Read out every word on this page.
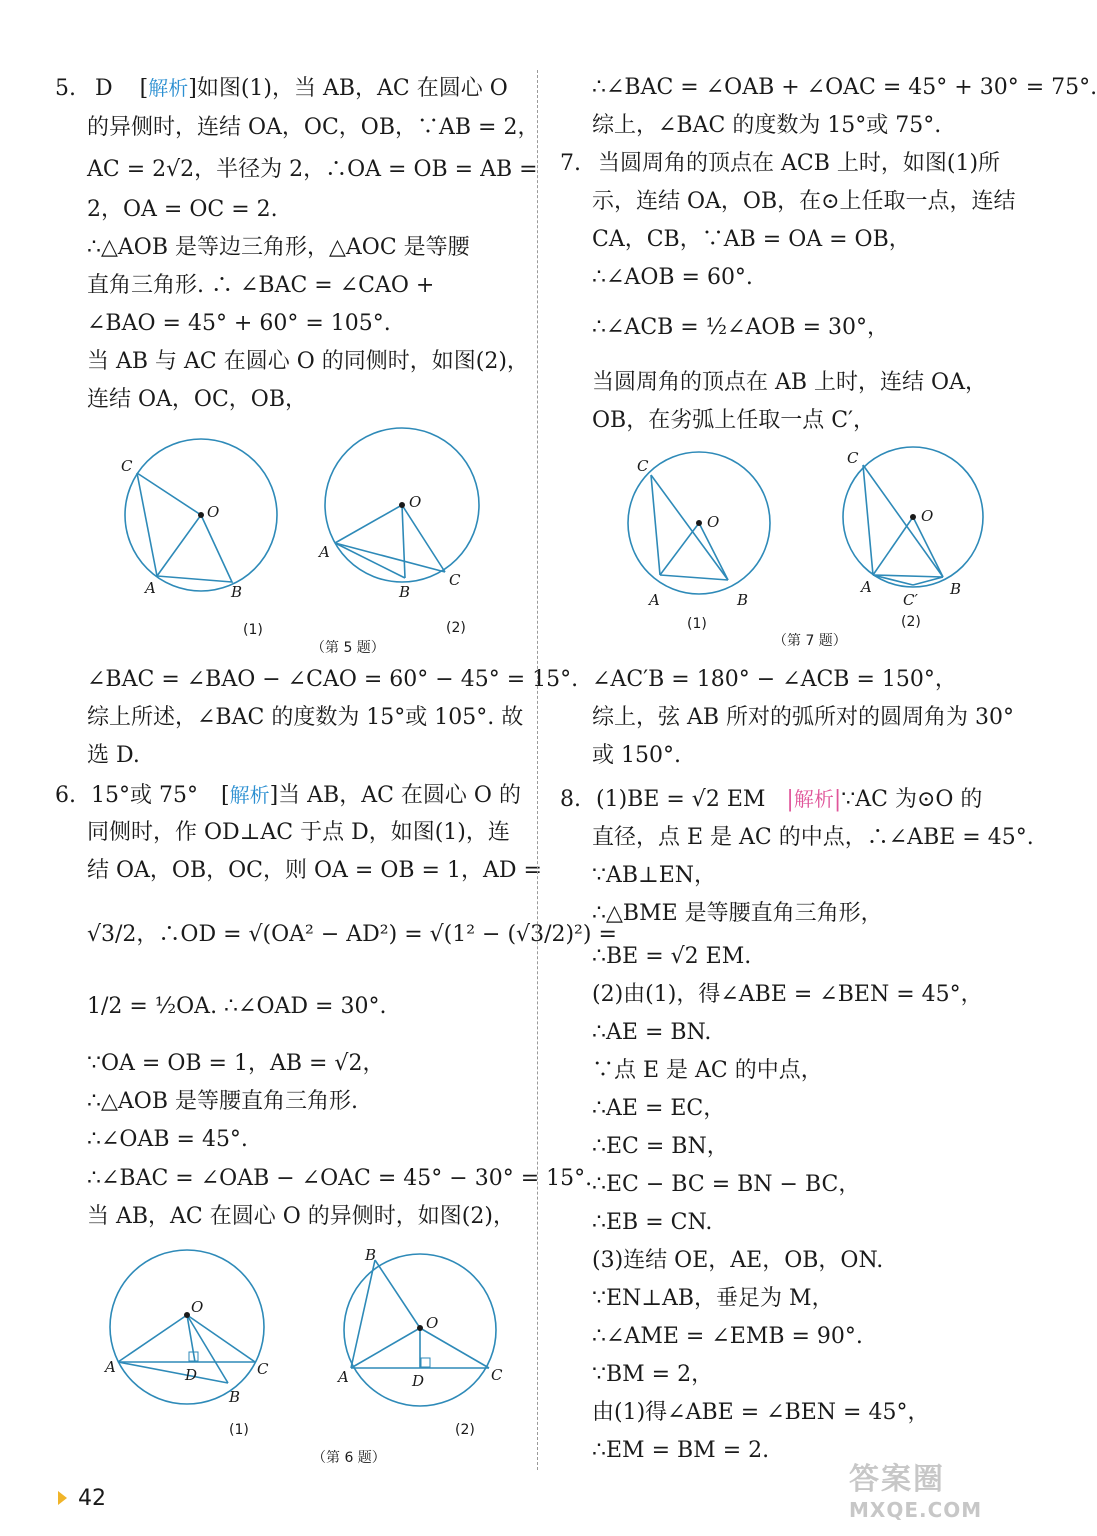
5. D [解析]如图(1)，当 AB，AC 在圆心 O
的异侧时，连结 OA，OC，OB，∵AB = 2，
AC = 2√2，半径为 2，∴OA = OB = AB =
2，OA = OC = 2.
∴△AOB 是等边三角形，△AOC 是等腰
直角三角形. ∴ ∠BAC = ∠CAO +
∠BAO = 45° + 60° = 105°.
当 AB 与 AC 在圆心 O 的同侧时，如图(2)，
连结 OA，OC，OB，
C
O
A	B
O
A
B
C
(1)	(2)
（第 5 题）
∠BAC = ∠BAO − ∠CAO = 60° − 45° = 15°.
综上所述，∠BAC 的度数为 15°或 105°. 故
选 D.
6. 15°或 75° [解析]当 AB，AC 在圆心 O 的
同侧时，作 OD⊥AC 于点 D，如图(1)，连
结 OA，OB，OC，则 OA = OB = 1，AD =
√3/2，∴OD = √(OA² − AD²) = √(1² − (√3/2)²) =
1/2 = ½OA. ∴∠OAD = 30°.
∵OA = OB = 1，AB = √2，
∴△AOB 是等腰直角三角形.
∴∠OAB = 45°.
∴∠BAC = ∠OAB − ∠OAC = 45° − 30° = 15°.
当 AB，AC 在圆心 O 的异侧时，如图(2)，
O
A	D	C
B
B
O
A	D	C
(1)	(2)
（第 6 题）
∴∠BAC = ∠OAB + ∠OAC = 45° + 30° = 75°.
综上，∠BAC 的度数为 15°或 75°.
7. 当圆周角的顶点在 ACB 上时，如图(1)所
示，连结 OA，OB，在⊙上任取一点，连结
CA，CB，∵AB = OA = OB，
∴∠AOB = 60°.
∴∠ACB = ½∠AOB = 30°，
当圆周角的顶点在 AB 上时，连结 OA，
OB，在劣弧上任取一点 C′，
C
O
A	B
C
O
A
C′
B
(1)	(2)
（第 7 题）
∠AC′B = 180° − ∠ACB = 150°，
综上，弦 AB 所对的弧所对的圆周角为 30°
或 150°.
8. (1)BE = √2 EM |解析|∵AC 为⊙O 的
直径，点 E 是 AC 的中点，∴∠ABE = 45°.
∵AB⊥EN，
∴△BME 是等腰直角三角形，
∴BE = √2 EM.
(2)由(1)，得∠ABE = ∠BEN = 45°，
∴AE = BN.
∵点 E 是 AC 的中点，
∴AE = EC，
∴EC = BN，
∴EC − BC = BN − BC，
∴EB = CN.
(3)连结 OE，AE，OB，ON.
∵EN⊥AB，垂足为 M，
∴∠AME = ∠EMB = 90°.
∵BM = 2，
由(1)得∠ABE = ∠BEN = 45°，
∴EM = BM = 2.
42
答案圈
MXQE.COM
